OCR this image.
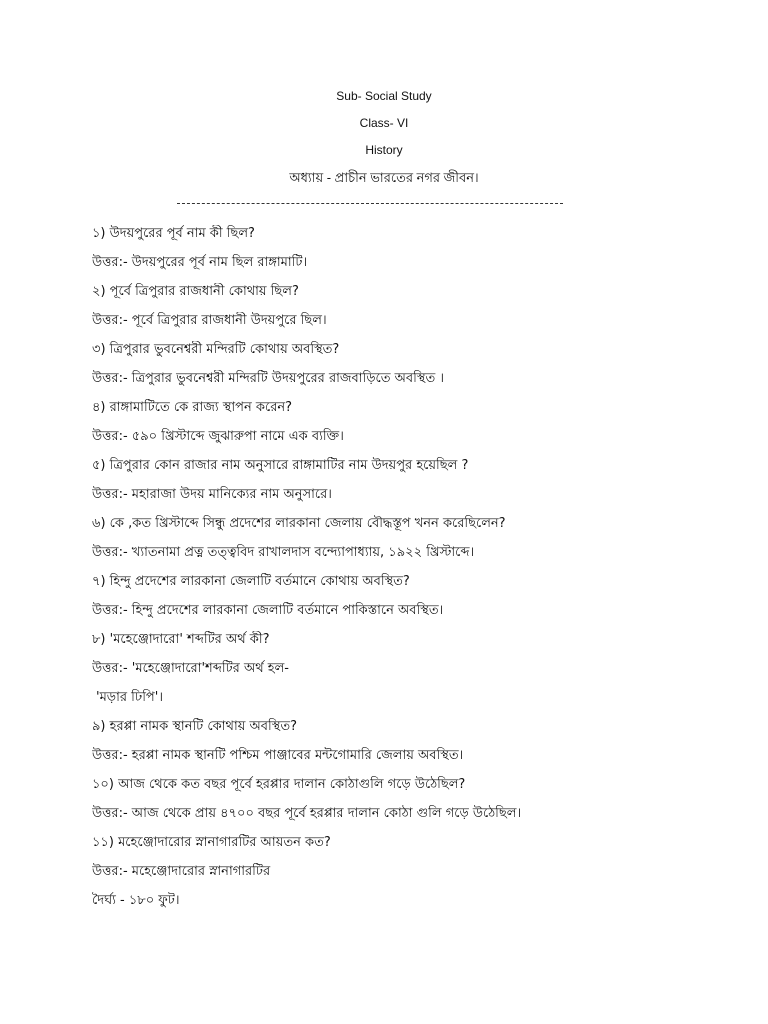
Sub- Social Study
Class- VI
History
অধ্যায় - প্রাচীন ভারতের নগর জীবন।
১) উদয়পুরের পূর্ব নাম কী ছিল?
উত্তর:- উদয়পুরের পূর্ব নাম ছিল রাঙ্গামাটি।
২) পূর্বে ত্রিপুরার রাজধানী কোথায় ছিল?
উত্তর:- পূর্বে ত্রিপুরার রাজধানী উদয়পুরে ছিল।
৩) ত্রিপুরার ভুবনেশ্বরী মন্দিরটি কোথায় অবস্থিত?
উত্তর:- ত্রিপুরার ভুবনেশ্বরী মন্দিরটি উদয়পুরের রাজবাড়িতে অবস্থিত ।
৪) রাঙ্গামাটিতে কে রাজ্য স্থাপন করেন?
উত্তর:- ৫৯০ খ্রিস্টাব্দে জুঝারুপা নামে এক ব্যক্তি।
৫) ত্রিপুরার কোন রাজার নাম অনুসারে রাঙ্গামাটির নাম উদয়পুর হয়েছিল ?
উত্তর:- মহারাজা উদয় মানিক্যের নাম অনুসারে।
৬) কে ,কত খ্রিস্টাব্দে সিন্ধু প্রদেশের লারকানা জেলায় বৌদ্ধস্তূপ খনন করেছিলেন?
উত্তর:- খ্যাতনামা প্রত্ন তত্ত্ববিদ রাখালদাস বন্দ্যোপাধ্যায়, ১৯২২ খ্রিস্টাব্দে।
৭) হিন্দু প্রদেশের লারকানা জেলাটি বর্তমানে কোথায় অবস্থিত?
উত্তর:- হিন্দু প্রদেশের লারকানা জেলাটি বর্তমানে পাকিস্তানে অবস্থিত।
৮) 'মহেঞ্জোদারো' শব্দটির অর্থ কী?
উত্তর:- 'মহেঞ্জোদারো'শব্দটির অর্থ হল-
'মড়ার ঢিপি'।
৯) হরপ্পা নামক স্থানটি কোথায় অবস্থিত?
উত্তর:- হরপ্পা নামক স্থানটি পশ্চিম পাঞ্জাবের মন্টগোমারি জেলায় অবস্থিত।
১০) আজ থেকে কত বছর পূর্বে হরপ্পার দালান কোঠাগুলি গড়ে উঠেছিল?
উত্তর:- আজ থেকে প্রায় ৪৭০০ বছর পূর্বে হরপ্পার দালান কোঠা গুলি গড়ে উঠেছিল।
১১) মহেঞ্জোদারোর স্নানাগারটির আয়তন কত?
উত্তর:- মহেঞ্জোদারোর স্নানাগারটির
দৈর্ঘ্য - ১৮০ ফুট।
